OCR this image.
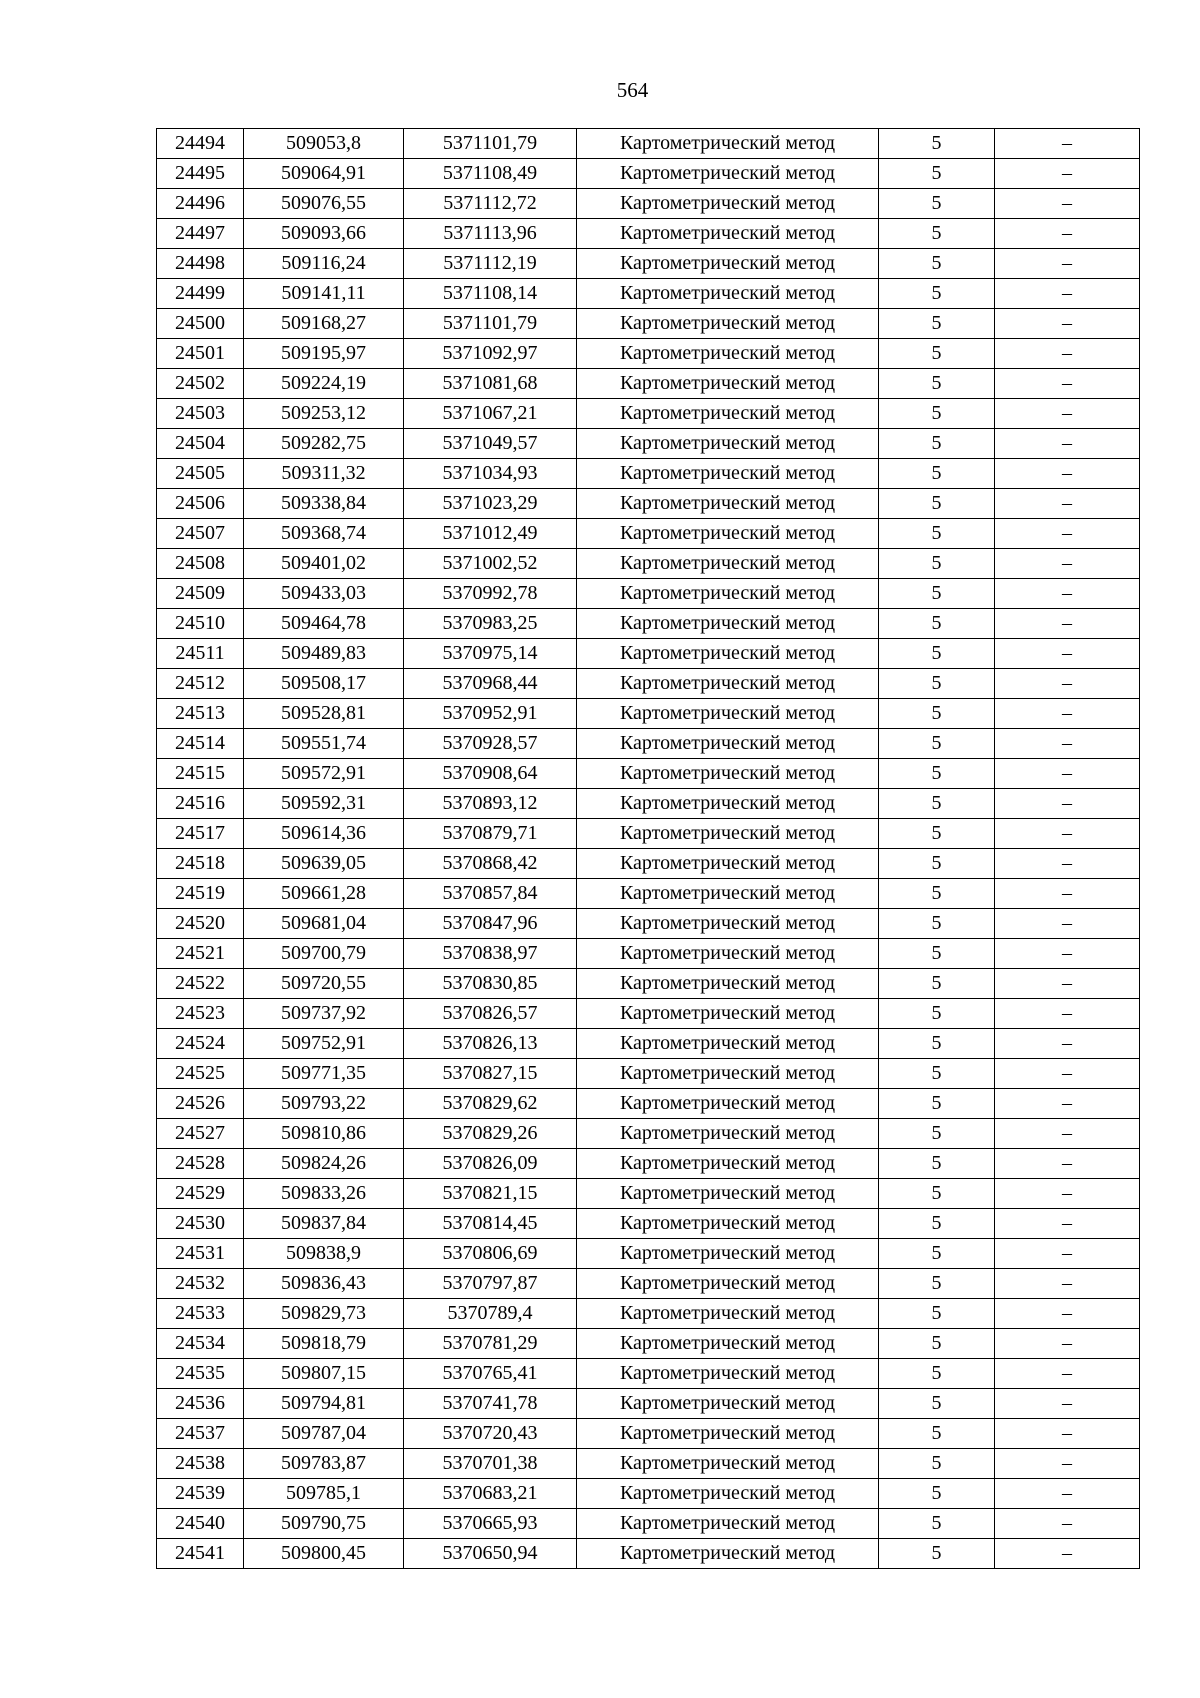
564
24494	509053,8	5371101,79	Картометрический метод	5	–
24495	509064,91	5371108,49	Картометрический метод	5	–
24496	509076,55	5371112,72	Картометрический метод	5	–
24497	509093,66	5371113,96	Картометрический метод	5	–
24498	509116,24	5371112,19	Картометрический метод	5	–
24499	509141,11	5371108,14	Картометрический метод	5	–
24500	509168,27	5371101,79	Картометрический метод	5	–
24501	509195,97	5371092,97	Картометрический метод	5	–
24502	509224,19	5371081,68	Картометрический метод	5	–
24503	509253,12	5371067,21	Картометрический метод	5	–
24504	509282,75	5371049,57	Картометрический метод	5	–
24505	509311,32	5371034,93	Картометрический метод	5	–
24506	509338,84	5371023,29	Картометрический метод	5	–
24507	509368,74	5371012,49	Картометрический метод	5	–
24508	509401,02	5371002,52	Картометрический метод	5	–
24509	509433,03	5370992,78	Картометрический метод	5	–
24510	509464,78	5370983,25	Картометрический метод	5	–
24511	509489,83	5370975,14	Картометрический метод	5	–
24512	509508,17	5370968,44	Картометрический метод	5	–
24513	509528,81	5370952,91	Картометрический метод	5	–
24514	509551,74	5370928,57	Картометрический метод	5	–
24515	509572,91	5370908,64	Картометрический метод	5	–
24516	509592,31	5370893,12	Картометрический метод	5	–
24517	509614,36	5370879,71	Картометрический метод	5	–
24518	509639,05	5370868,42	Картометрический метод	5	–
24519	509661,28	5370857,84	Картометрический метод	5	–
24520	509681,04	5370847,96	Картометрический метод	5	–
24521	509700,79	5370838,97	Картометрический метод	5	–
24522	509720,55	5370830,85	Картометрический метод	5	–
24523	509737,92	5370826,57	Картометрический метод	5	–
24524	509752,91	5370826,13	Картометрический метод	5	–
24525	509771,35	5370827,15	Картометрический метод	5	–
24526	509793,22	5370829,62	Картометрический метод	5	–
24527	509810,86	5370829,26	Картометрический метод	5	–
24528	509824,26	5370826,09	Картометрический метод	5	–
24529	509833,26	5370821,15	Картометрический метод	5	–
24530	509837,84	5370814,45	Картометрический метод	5	–
24531	509838,9	5370806,69	Картометрический метод	5	–
24532	509836,43	5370797,87	Картометрический метод	5	–
24533	509829,73	5370789,4	Картометрический метод	5	–
24534	509818,79	5370781,29	Картометрический метод	5	–
24535	509807,15	5370765,41	Картометрический метод	5	–
24536	509794,81	5370741,78	Картометрический метод	5	–
24537	509787,04	5370720,43	Картометрический метод	5	–
24538	509783,87	5370701,38	Картометрический метод	5	–
24539	509785,1	5370683,21	Картометрический метод	5	–
24540	509790,75	5370665,93	Картометрический метод	5	–
24541	509800,45	5370650,94	Картометрический метод	5	–
